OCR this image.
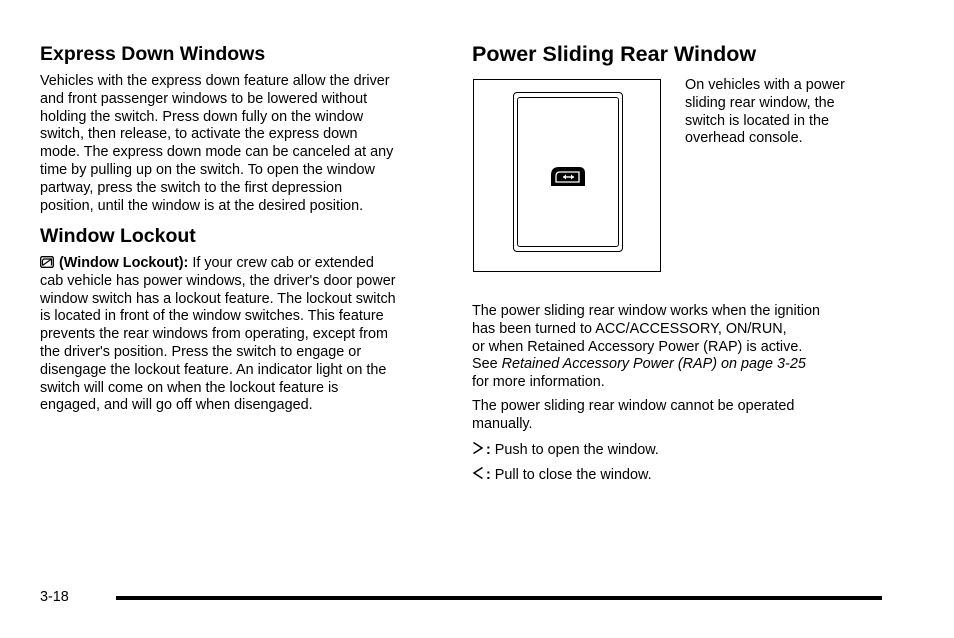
Express Down Windows
Vehicles with the express down feature allow the driver
and front passenger windows to be lowered without
holding the switch. Press down fully on the window
switch, then release, to activate the express down
mode. The express down mode can be canceled at any
time by pulling up on the switch. To open the window
partway, press the switch to the first depression
position, until the window is at the desired position.
Window Lockout
(Window Lockout): If your crew cab or extended
cab vehicle has power windows, the driver's door power
window switch has a lockout feature. The lockout switch
is located in front of the window switches. This feature
prevents the rear windows from operating, except from
the driver's position. Press the switch to engage or
disengage the lockout feature. An indicator light on the
switch will come on when the lockout feature is
engaged, and will go off when disengaged.
Power Sliding Rear Window
On vehicles with a power
sliding rear window, the
switch is located in the
overhead console.
The power sliding rear window works when the ignition
has been turned to ACC/ACCESSORY, ON/RUN,
or when Retained Accessory Power (RAP) is active.
See Retained Accessory Power (RAP) on page 3-25
for more information.
The power sliding rear window cannot be operated
manually.
: Push to open the window.
: Pull to close the window.
3-18
